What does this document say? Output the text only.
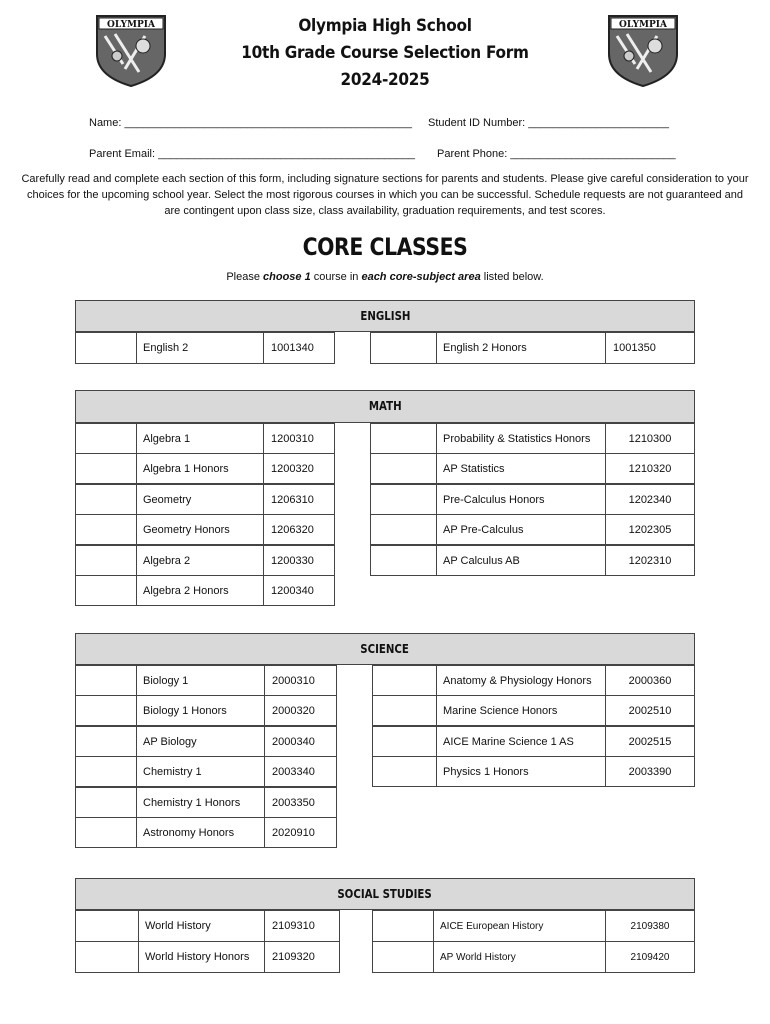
OLYMPIA	OLYMPIA
Olympia High School
10th Grade Course Selection Form
2024-2025
Name: _______________________________________________ Student ID Number: _______________________
Parent Email: __________________________________________ Parent Phone: ___________________________
Carefully read and complete each section of this form, including signature sections for parents and students. Please give careful consideration to your choices for the upcoming school year. Select the most rigorous courses in which you can be successful. Schedule requests are not guaranteed and are contingent upon class size, class availability, graduation requirements, and test scores.
CORE CLASSES
Please choose 1 course in each core-subject area listed below.
ENGLISH
English 2	1001340	English 2 Honors	1001350
MATH
Algebra 1	1200310
Algebra 1 Honors	1200320
Geometry	1206310
Geometry Honors	1206320
Algebra 2	1200330
Algebra 2 Honors	1200340
Probability & Statistics Honors	1210300
AP Statistics	1210320
Pre-Calculus Honors	1202340
AP Pre-Calculus	1202305
AP Calculus AB	1202310
SCIENCE
Biology 1	2000310
Biology 1 Honors	2000320
AP Biology	2000340
Chemistry 1	2003340
Chemistry 1 Honors	2003350
Astronomy Honors	2020910
Anatomy & Physiology Honors	2000360
Marine Science Honors	2002510
AICE Marine Science 1 AS	2002515
Physics 1 Honors	2003390
SOCIAL STUDIES
World History	2109310
World History Honors	2109320
AICE European History	2109380
AP World History	2109420
